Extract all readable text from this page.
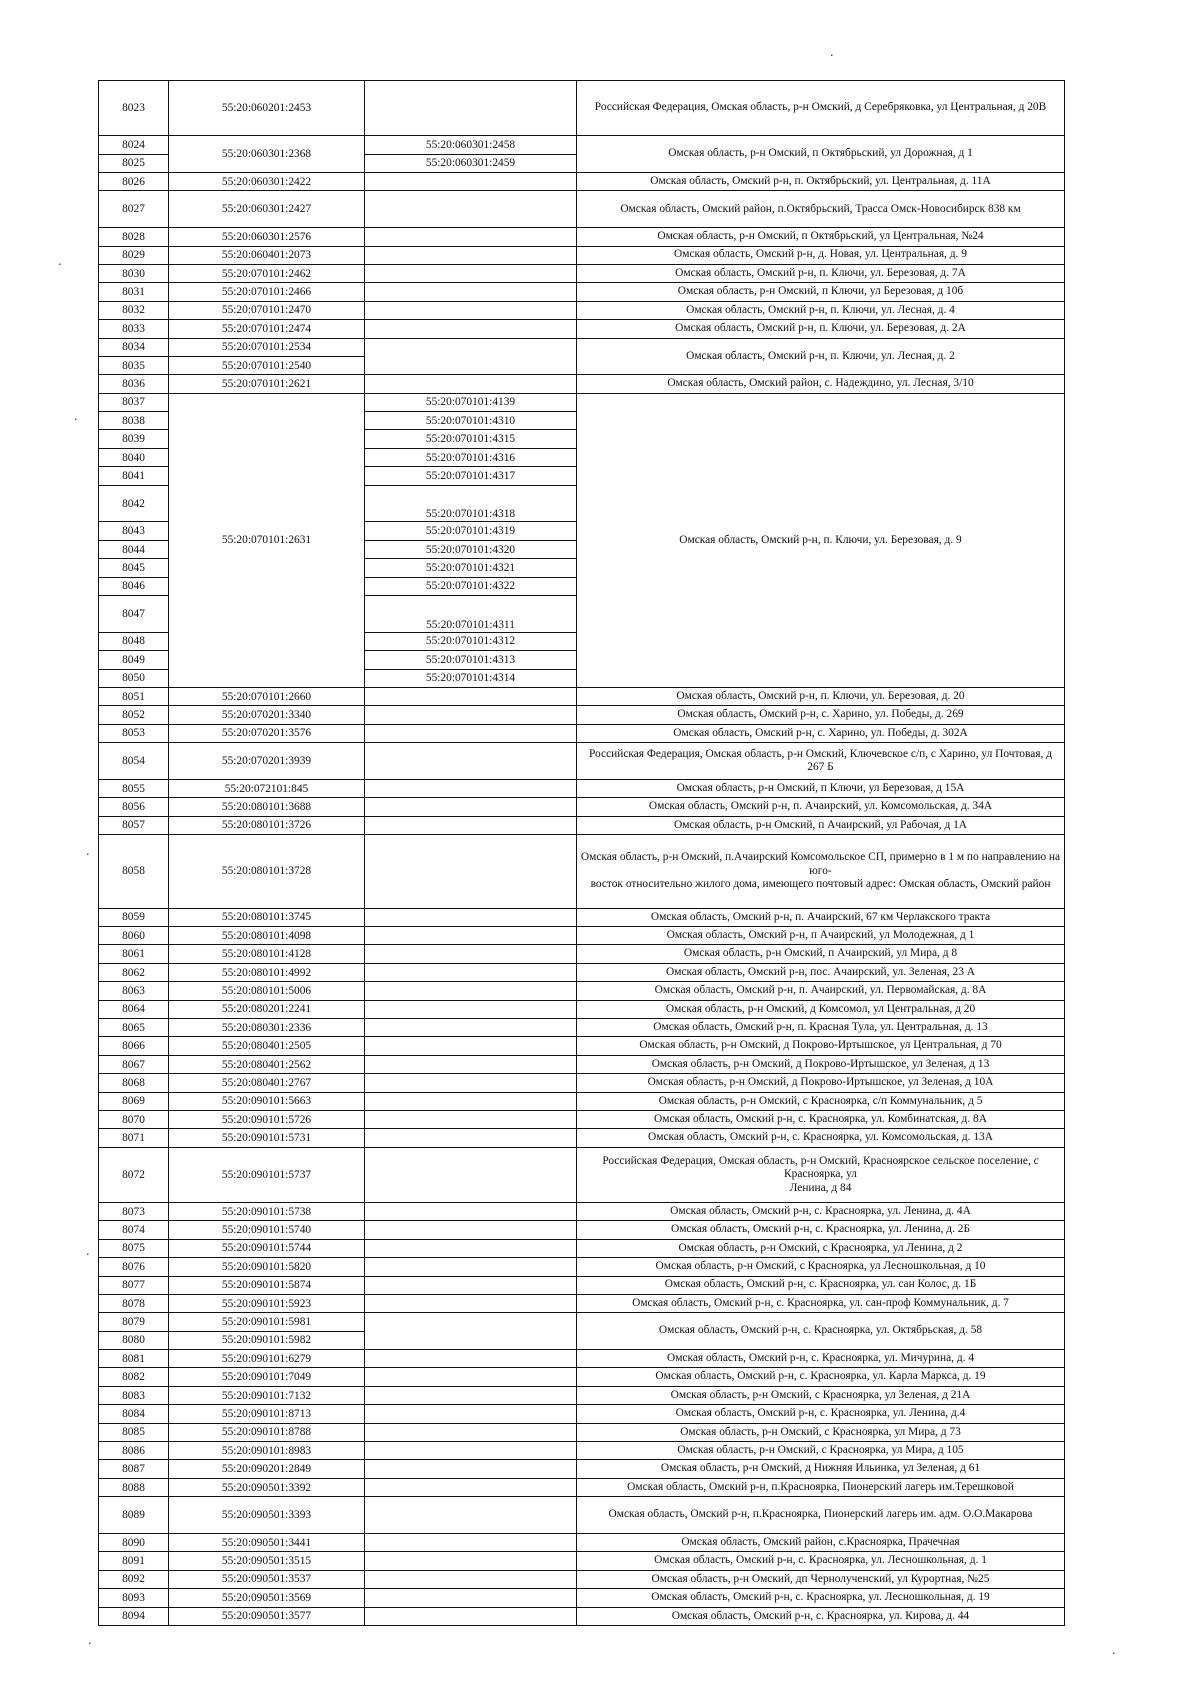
.
.
.
.
.
.
.
8023	55:20:060201:2453		Российская Федерация, Омская область, р-н Омский, д Серебряковка, ул Центральная, д 20В
8024	55:20:060301:2368	55:20:060301:2458	Омская область, р-н Омский, п Октябрьский, ул Дорожная, д 1
8025		55:20:060301:2459	
8026	55:20:060301:2422		Омская область, Омский р-н, п. Октябрьский, ул. Центральная, д. 11А
8027	55:20:060301:2427		Омская область, Омский район, п.Октябрьский, Трасса Омск-Новосибирск 838 км
8028	55:20:060301:2576		Омская область, р-н Омский, п Октябрьский, ул Центральная, №24
8029	55:20:060401:2073		Омская область, Омский р-н, д. Новая, ул. Центральная, д. 9
8030	55:20:070101:2462		Омская область, Омский р-н, п. Ключи, ул. Березовая, д. 7А
8031	55:20:070101:2466		Омская область, р-н Омский, п Ключи, ул Березовая, д 10б
8032	55:20:070101:2470		Омская область, Омский р-н, п. Ключи, ул. Лесная, д. 4
8033	55:20:070101:2474		Омская область, Омский р-н, п. Ключи, ул. Березовая, д. 2А
8034	55:20:070101:2534		Омская область, Омский р-н, п. Ключи, ул. Лесная, д. 2
8035	55:20:070101:2540		
8036	55:20:070101:2621		Омская область, Омский район, с. Надеждино, ул. Лесная, 3/10
8037	55:20:070101:2631	55:20:070101:4139	Омская область, Омский р-н, п. Ключи, ул. Березовая, д. 9
8038		55:20:070101:4310	
8039		55:20:070101:4315	
8040		55:20:070101:4316	
8041		55:20:070101:4317	
8042		55:20:070101:4318	
8043		55:20:070101:4319	
8044		55:20:070101:4320	
8045		55:20:070101:4321	
8046		55:20:070101:4322	
8047		55:20:070101:4311	
8048		55:20:070101:4312	
8049		55:20:070101:4313	
8050		55:20:070101:4314	
8051	55:20:070101:2660		Омская область, Омский р-н, п. Ключи, ул. Березовая, д. 20
8052	55:20:070201:3340		Омская область, Омский р-н, с. Харино, ул. Победы, д. 269
8053	55:20:070201:3576		Омская область, Омский р-н, с. Харино, ул. Победы, д. 302А
8054	55:20:070201:3939		Российская Федерация, Омская область, р-н Омский, Ключевское с/п, с Харино, ул Почтовая, д 267 Б
8055	55:20:072101:845		Омская область, р-н Омский, п Ключи, ул Березовая, д 15А
8056	55:20:080101:3688		Омская область, Омский р-н, п. Ачаирский, ул. Комсомольская, д. 34А
8057	55:20:080101:3726		Омская область, р-н Омский, п Ачаирский, ул Рабочая, д 1А
8058	55:20:080101:3728		Омская область, р-н Омский, п.Ачаирский Комсомольское СП, примерно в 1 м по направлению на юго-
восток относительно жилого дома, имеющего почтовый адрес: Омская область, Омский район
8059	55:20:080101:3745		Омская область, Омский р-н, п. Ачаирский, 67 км Черлакского тракта
8060	55:20:080101:4098		Омская область, Омский р-н, п Ачаирский, ул Молодежная, д 1
8061	55:20:080101:4128		Омская область, р-н Омский, п Ачаирский, ул Мира, д 8
8062	55:20:080101:4992		Омская область, Омский р-н, пос. Ачаирский, ул. Зеленая, 23 А
8063	55:20:080101:5006		Омская область, Омский р-н, п. Ачаирский, ул. Первомайская, д. 8А
8064	55:20:080201:2241		Омская область, р-н Омский, д Комсомол, ул Центральная, д 20
8065	55:20:080301:2336		Омская область, Омский р-н, п. Красная Тула, ул. Центральная, д. 13
8066	55:20:080401:2505		Омская область, р-н Омский, д Покрово-Иртышское, ул Центральная, д 70
8067	55:20:080401:2562		Омская область, р-н Омский, д Покрово-Иртышское, ул Зеленая, д 13
8068	55:20:080401:2767		Омская область, р-н Омский, д Покрово-Иртышское, ул Зеленая, д 10А
8069	55:20:090101:5663		Омская область, р-н Омский, с Красноярка, с/п Коммунальник, д 5
8070	55:20:090101:5726		Омская область, Омский р-н, с. Красноярка, ул. Комбинатская, д. 8А
8071	55:20:090101:5731		Омская область, Омский р-н, с. Красноярка, ул. Комсомольская, д. 13А
8072	55:20:090101:5737		Российская Федерация, Омская область, р-н Омский, Красноярское сельское поселение, с Красноярка, ул
Ленина, д 84
8073	55:20:090101:5738		Омская область, Омский р-н, с. Красноярка, ул. Ленина, д. 4А
8074	55:20:090101:5740		Омская область, Омский р-н, с. Красноярка, ул. Ленина, д. 2Б
8075	55:20:090101:5744		Омская область, р-н Омский, с Красноярка, ул Ленина, д 2
8076	55:20:090101:5820		Омская область, р-н Омский, с Красноярка, ул Лесношкольная, д 10
8077	55:20:090101:5874		Омская область, Омский р-н, с. Красноярка, ул. сан Колос, д. 1Б
8078	55:20:090101:5923		Омская область, Омский р-н, с. Красноярка, ул. сан-проф Коммунальник, д. 7
8079	55:20:090101:5981		Омская область, Омский р-н, с. Красноярка, ул. Октябрьская, д. 58
8080	55:20:090101:5982		
8081	55:20:090101:6279		Омская область, Омский р-н, с. Красноярка, ул. Мичурина, д. 4
8082	55:20:090101:7049		Омская область, Омский р-н, с. Красноярка, ул. Карла Маркса, д. 19
8083	55:20:090101:7132		Омская область, р-н Омский, с Красноярка, ул Зеленая, д 21А
8084	55:20:090101:8713		Омская область, Омский р-н, с. Красноярка, ул. Ленина, д.4
8085	55:20:090101:8788		Омская область, р-н Омский, с Красноярка, ул Мира, д 73
8086	55:20:090101:8983		Омская область, р-н Омский, с Красноярка, ул Мира, д 105
8087	55:20:090201:2849		Омская область, р-н Омский, д Нижняя Ильинка, ул Зеленая, д 61
8088	55:20:090501:3392		Омская область, Омский р-н, п.Красноярка, Пионерский лагерь им.Терешковой
8089	55:20:090501:3393		Омская область, Омский р-н, п.Красноярка, Пионерский лагерь им. адм. О.О.Макарова
8090	55:20:090501:3441		Омская область, Омский район, с.Красноярка, Прачечная
8091	55:20:090501:3515		Омская область, Омский р-н, с. Красноярка, ул. Лесношкольная, д. 1
8092	55:20:090501:3537		Омская область, р-н Омский, дп Чернолученский, ул Курортная, №25
8093	55:20:090501:3569		Омская область, Омский р-н, с. Красноярка, ул. Лесношкольная, д. 19
8094	55:20:090501:3577		Омская область, Омский р-н, с. Красноярка, ул. Кирова, д. 44
